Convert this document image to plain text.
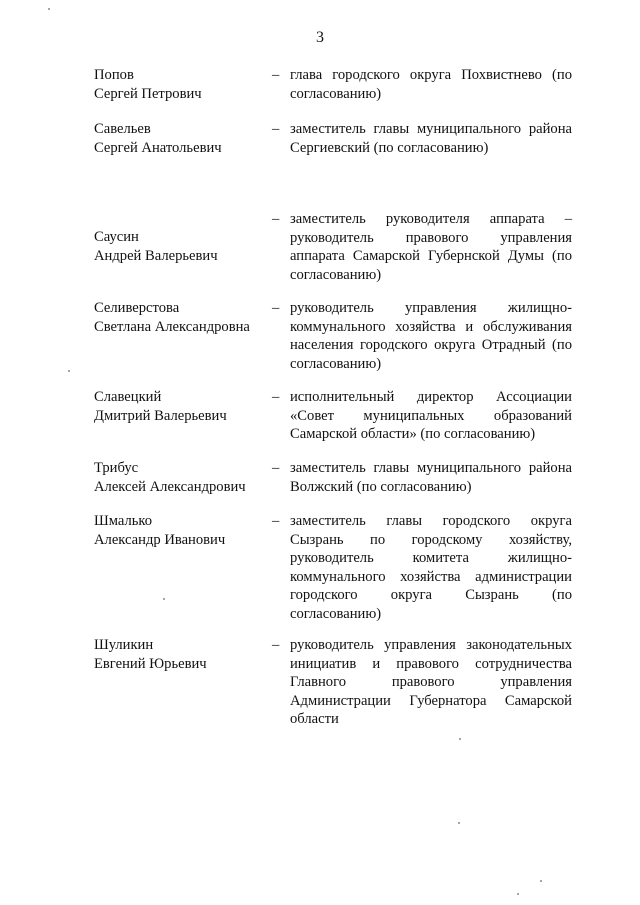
3
Попов
Сергей Петрович
– глава городского округа Похвистнево (по согласованию)
Савельев
Сергей Анатольевич
– заместитель главы муниципального района Сергиевский (по согласованию)
Саусин
Андрей Валерьевич
– заместитель руководителя аппарата – руководитель правового управления аппарата Самарской Губернской Думы (по согласованию)
Селиверстова
Светлана Александровна
– руководитель управления жилищно-коммунального хозяйства и обслуживания населения городского округа Отрадный (по согласованию)
Славецкий
Дмитрий Валерьевич
– исполнительный директор Ассоциации «Совет муниципальных образований Самарской области» (по согласованию)
Трибус
Алексей Александрович
– заместитель главы муниципального района Волжский (по согласованию)
Шмалько
Александр Иванович
– заместитель главы городского округа Сызрань по городскому хозяйству, руководитель комитета жилищно-коммунального хозяйства администрации городского округа Сызрань (по согласованию)
Шуликин
Евгений Юрьевич
– руководитель управления законодательных инициатив и правового сотрудничества Главного правового управления Администрации Губернатора Самарской области
